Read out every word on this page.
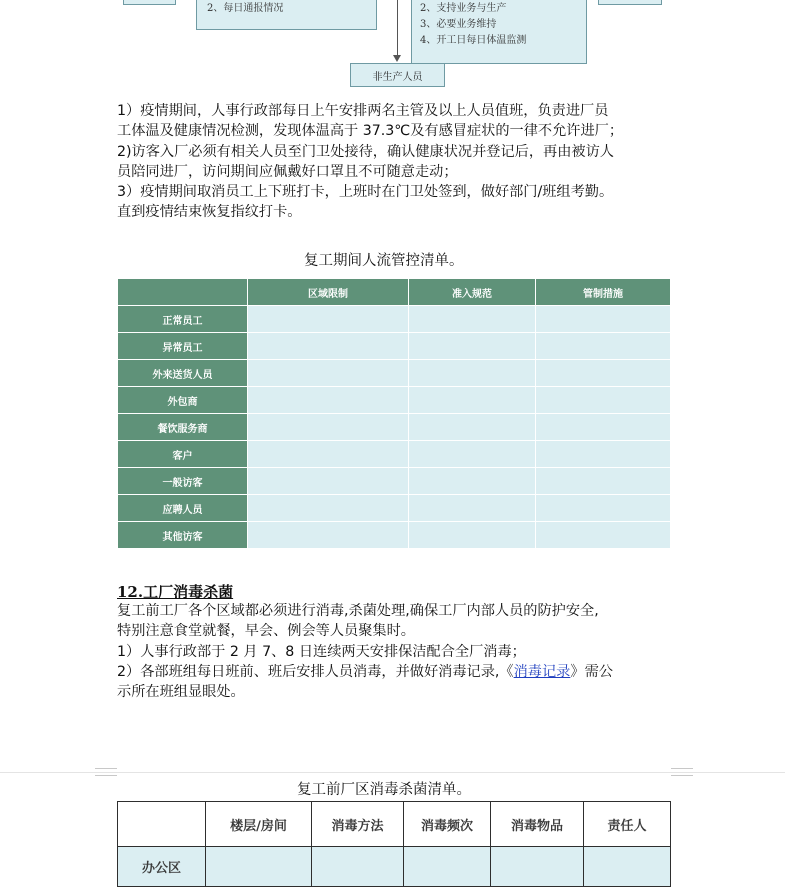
2、每日通报情况	2、支持业务与生产
3、必要业务维持
4、开工日每日体温监测
非生产人员
1）疫情期间，人事行政部每日上午安排两名主管及以上人员值班，负责进厂员
工体温及健康情况检测，发现体温高于 37.3℃及有感冒症状的一律不允许进厂；
2)访客入厂必须有相关人员至门卫处接待，确认健康状况并登记后，再由被访人
员陪同进厂，访问期间应佩戴好口罩且不可随意走动；
3）疫情期间取消员工上下班打卡，上班时在门卫处签到，做好部门/班组考勤。
直到疫情结束恢复指纹打卡。
复工期间人流管控清单。
	区域限制	准入规范	管制措施
正常员工			
异常员工			
外来送货人员			
外包商			
餐饮服务商			
客户			
一般访客			
应聘人员			
其他访客			
12.工厂消毒杀菌
复工前工厂各个区域都必须进行消毒,杀菌处理,确保工厂内部人员的防护安全,
特别注意食堂就餐，早会、例会等人员聚集时。
1）人事行政部于 2 月 7、8 日连续两天安排保洁配合全厂消毒；
2）各部班组每日班前、班后安排人员消毒，并做好消毒记录,《消毒记录》需公
示所在班组显眼处。
复工前厂区消毒杀菌清单。
	楼层/房间	消毒方法	消毒频次	消毒物品	责任人
办公区					
